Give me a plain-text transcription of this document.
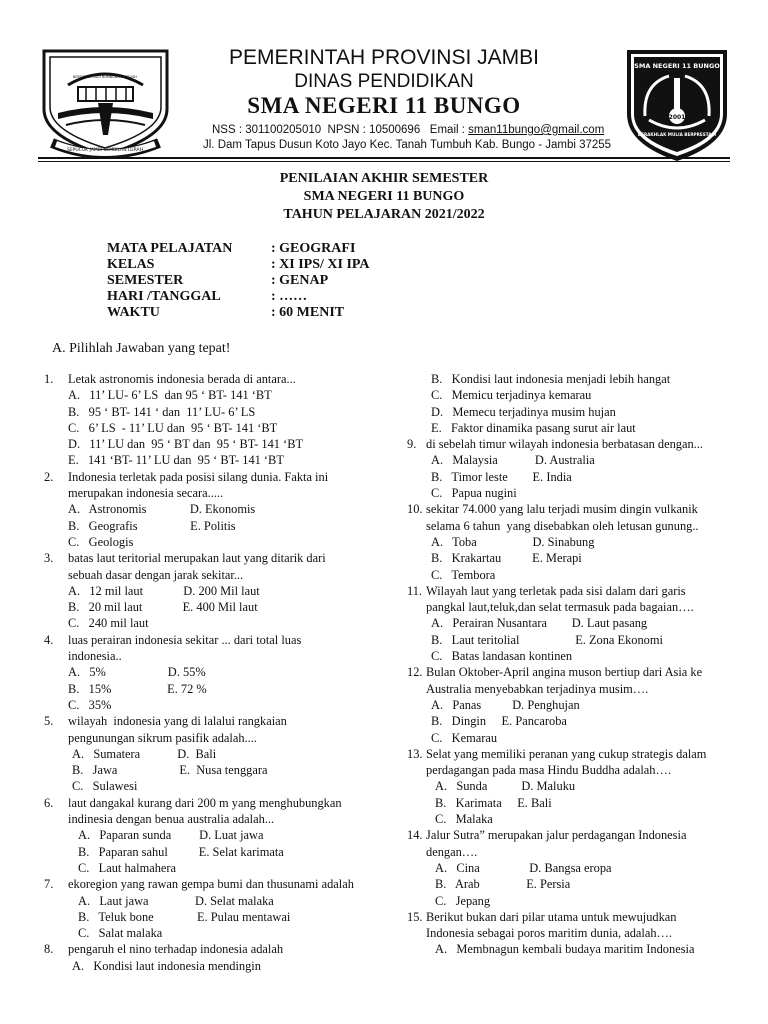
SEPUCUK JAMBI SEMBILAN LURAH
BERSANSIK DATI BUMBUNG BERTUAH
SMA NEGERI 11 BUNGO
2001
BERAKHLAK MULIA BERPRESTASI
PEMERINTAH PROVINSI JAMBI
DINAS PENDIDIKAN
SMA NEGERI 11 BUNGO
NSS : 301100205010  NPSN : 10500696   Email : sman11bungo@gmail.com
Jl. Dam Tapus Dusun Koto Jayo Kec. Tanah Tumbuh Kab. Bungo - Jambi 37255
PENILAIAN AKHIR SEMESTER
SMA NEGERI 11 BUNGO
TAHUN PELAJARAN 2021/2022
MATA PELAJATAN	: GEOGRAFI
KELAS	: XI IPS/ XI IPA
SEMESTER	: GENAP
HARI /TANGGAL	: ……
WAKTU	: 60 MENIT
A. Pilihlah Jawaban yang tepat!
1. Letak astronomis indonesia berada di antara...
A.   11’ LU- 6’ LS  dan 95 ‘ BT- 141 ‘BT
B.   95 ‘ BT- 141 ‘ dan  11’ LU- 6’ LS
C.   6’ LS  - 11’ LU dan  95 ‘ BT- 141 ‘BT
D.   11’ LU dan  95 ‘ BT dan  95 ‘ BT- 141 ‘BT
E.   141 ‘BT- 11’ LU dan  95 ‘ BT- 141 ‘BT
2. Indonesia terletak pada posisi silang dunia. Fakta ini
merupakan indonesia secara.....
A.   Astronomis              D. Ekonomis
B.   Geografis                 E. Politis
C.   Geologis
3. batas laut teritorial merupakan laut yang ditarik dari
sebuah dasar dengan jarak sekitar...
A.   12 mil laut             D. 200 Mil laut
B.   20 mil laut             E. 400 Mil laut
C.   240 mil laut
4. luas perairan indonesia sekitar ... dari total luas
indonesia..
A.   5%                    D. 55%
B.   15%                  E. 72 %
C.   35%
5. wilayah  indonesia yang di lalalui rangkaian
pengunungan sikrum pasifik adalah....
A.   Sumatera            D.  Bali
B.   Jawa                    E.  Nusa tenggara
C.   Sulawesi
6. laut dangakal kurang dari 200 m yang menghubungkan
indinesia dengan benua australia adalah...
A.   Paparan sunda         D. Luat jawa
B.   Paparan sahul          E. Selat karimata
C.   Laut halmahera
7. ekoregion yang rawan gempa bumi dan thusunami adalah
A.   Laut jawa               D. Selat malaka
B.   Teluk bone              E. Pulau mentawai
C.   Salat malaka
8. pengaruh el nino terhadap indonesia adalah
A.   Kondisi laut indonesia mendingin
B.   Kondisi laut indonesia menjadi lebih hangat
C.   Memicu terjadinya kemarau
D.   Memecu terjadinya musim hujan
E.   Faktor dinamika pasang surut air laut
9. di sebelah timur wilayah indonesia berbatasan dengan...
A.   Malaysia            D. Australia
B.   Timor leste        E. India
C.   Papua nugini
10. sekitar 74.000 yang lalu terjadi musim dingin vulkanik
selama 6 tahun  yang disebabkan oleh letusan gunung..
A.   Toba                  D. Sinabung
B.   Krakartau          E. Merapi
C.   Tembora
11. Wilayah laut yang terletak pada sisi dalam dari garis
pangkal laut,teluk,dan selat termasuk pada bagaian….
A.   Perairan Nusantara        D. Laut pasang
B.   Laut teritolial                  E. Zona Ekonomi
C.   Batas landasan kontinen
12. Bulan Oktober-April angina muson bertiup dari Asia ke
Australia menyebabkan terjadinya musim….
A.   Panas          D. Penghujan
B.   Dingin     E. Pancaroba
C.   Kemarau
13. Selat yang memiliki peranan yang cukup strategis dalam
perdagangan pada masa Hindu Buddha adalah….
A.   Sunda           D. Maluku
B.   Karimata     E. Bali
C.   Malaka
14. Jalur Sutra” merupakan jalur perdagangan Indonesia
dengan….
A.   Cina                D. Bangsa eropa
B.   Arab               E. Persia
C.   Jepang
15. Berikut bukan dari pilar utama untuk mewujudkan
Indonesia sebagai poros maritim dunia, adalah….
A.   Membnagun kembali budaya maritim Indonesia
